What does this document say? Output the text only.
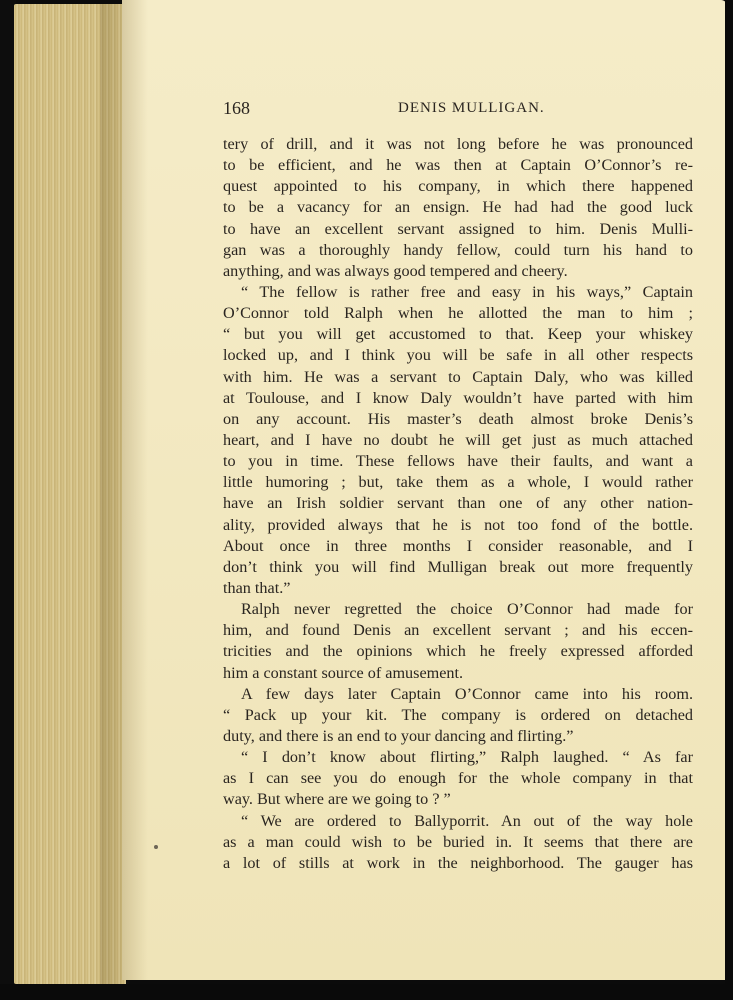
168	DENIS MULLIGAN.
tery of drill, and it was not long before he was pronounced
to be efficient, and he was then at Captain O’Connor’s re-
quest appointed to his company, in which there happened
to be a vacancy for an ensign. He had had the good luck
to have an excellent servant assigned to him. Denis Mulli-
gan was a thoroughly handy fellow, could turn his hand to
anything, and was always good tempered and cheery.
“ The fellow is rather free and easy in his ways,” Captain
O’Connor told Ralph when he allotted the man to him ;
“ but you will get accustomed to that. Keep your whiskey
locked up, and I think you will be safe in all other respects
with him. He was a servant to Captain Daly, who was killed
at Toulouse, and I know Daly wouldn’t have parted with him
on any account. His master’s death almost broke Denis’s
heart, and I have no doubt he will get just as much attached
to you in time. These fellows have their faults, and want a
little humoring ; but, take them as a whole, I would rather
have an Irish soldier servant than one of any other nation-
ality, provided always that he is not too fond of the bottle.
About once in three months I consider reasonable, and I
don’t think you will find Mulligan break out more frequently
than that.”
Ralph never regretted the choice O’Connor had made for
him, and found Denis an excellent servant ; and his eccen-
tricities and the opinions which he freely expressed afforded
him a constant source of amusement.
A few days later Captain O’Connor came into his room.
“ Pack up your kit. The company is ordered on detached
duty, and there is an end to your dancing and flirting.”
“ I don’t know about flirting,” Ralph laughed. “ As far
as I can see you do enough for the whole company in that
way. But where are we going to ? ”
“ We are ordered to Ballyporrit. An out of the way hole
as a man could wish to be buried in. It seems that there are
a lot of stills at work in the neighborhood. The gauger has
